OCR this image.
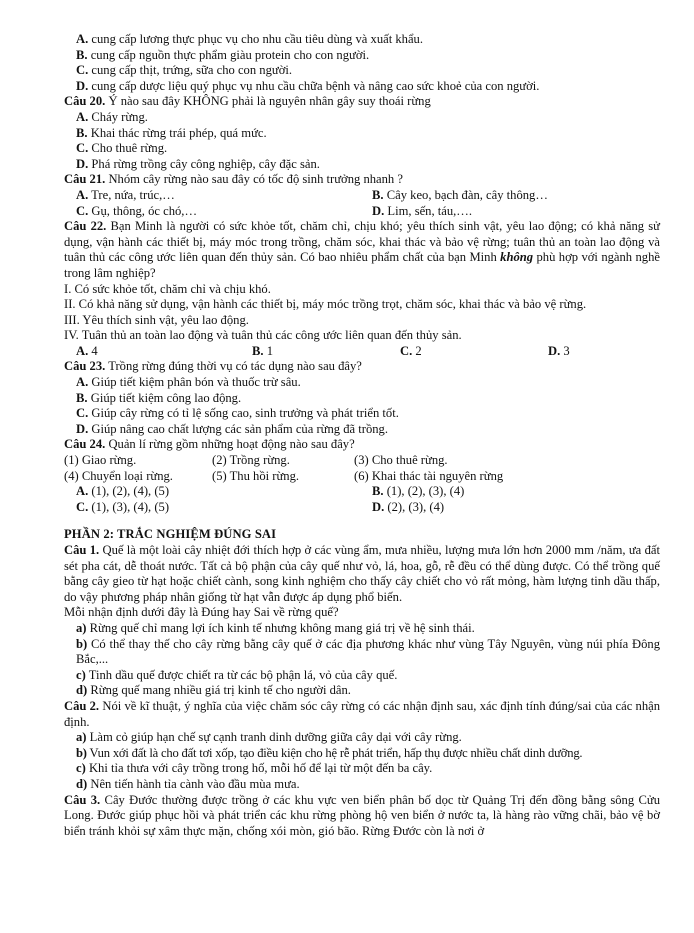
A. cung cấp lương thực phục vụ cho nhu cầu tiêu dùng và xuất khẩu.
B. cung cấp nguồn thực phẩm giàu protein cho con người.
C. cung cấp thịt, trứng, sữa cho con người.
D. cung cấp dược liệu quý phục vụ nhu cầu chữa bệnh và nâng cao sức khoẻ của con người.
Câu 20. Ý nào sau đây KHÔNG phải là nguyên nhân gây suy thoái rừng
A. Cháy rừng.
B. Khai thác rừng trái phép, quá mức.
C. Cho thuê rừng.
D. Phá rừng trồng cây công nghiệp, cây đặc sản.
Câu 21. Nhóm cây rừng nào sau đây có tốc độ sinh trưởng nhanh ?
A. Tre, nứa, trúc,…	B. Cây keo, bạch đàn, cây thông…
C. Gụ, thông, óc chó,…	D. Lim, sến, táu,….
Câu 22. Bạn Minh là người có sức khỏe tốt, chăm chỉ, chịu khó; yêu thích sinh vật, yêu lao động; có khả năng sử dụng, vận hành các thiết bị, máy móc trong trồng, chăm sóc, khai thác và bảo vệ rừng; tuân thủ an toàn lao động và tuân thủ các công ước liên quan đến thủy sản. Có bao nhiêu phẩm chất của bạn Minh không phù hợp với ngành nghề trong lâm nghiệp?
I. Có sức khỏe tốt, chăm chỉ và chịu khó.
II. Có khả năng sử dụng, vận hành các thiết bị, máy móc trồng trọt, chăm sóc, khai thác và bảo vệ rừng.
III. Yêu thích sinh vật, yêu lao động.
IV. Tuân thủ an toàn lao động và tuân thủ các công ước liên quan đến thủy sản.
A. 4	B. 1	C. 2	D. 3
Câu 23. Trồng rừng đúng thời vụ có tác dụng nào sau đây?
A. Giúp tiết kiệm phân bón và thuốc trừ sâu.
B. Giúp tiết kiệm công lao động.
C. Giúp cây rừng có tỉ lệ sống cao, sinh trưởng và phát triển tốt.
D. Giúp nâng cao chất lượng các sản phẩm của rừng đã trồng.
Câu 24. Quản lí rừng gồm những hoạt động nào sau đây?
(1) Giao rừng.	(2) Trồng rừng.	(3) Cho thuê rừng.
(4) Chuyển loại rừng.	(5) Thu hồi rừng.	(6) Khai thác tài nguyên rừng
A. (1), (2), (4), (5)	B. (1), (2), (3), (4)
C. (1), (3), (4), (5)	D. (2), (3), (4)
PHẦN 2: TRẮC NGHIỆM ĐÚNG SAI
Câu 1. Quế là một loài cây nhiệt đới thích hợp ở các vùng ẩm, mưa nhiều, lượng mưa lớn hơn 2000 mm /năm, ưa đất sét pha cát, dễ thoát nước. Tất cả bộ phận của cây quế như vỏ, lá, hoa, gỗ, rễ đều có thể dùng được. Có thể trồng quế bằng cây gieo từ hạt hoặc chiết cành, song kinh nghiệm cho thấy cây chiết cho vỏ rất mỏng, hàm lượng tinh dầu thấp, do vậy phương pháp nhân giống từ hạt vẫn được áp dụng phổ biến.
Mỗi nhận định dưới đây là Đúng hay Sai về rừng quế?
a) Rừng quế chỉ mang lợi ích kinh tế nhưng không mang giá trị về hệ sinh thái.
b) Có thể thay thế cho cây rừng bằng cây quế ở các địa phương khác như vùng Tây Nguyên, vùng núi phía Đông Bắc,...
c) Tinh dầu quế được chiết ra từ các bộ phận lá, vỏ của cây quế.
d) Rừng quế mang nhiều giá trị kinh tế cho người dân.
Câu 2. Nói về kĩ thuật, ý nghĩa của việc chăm sóc cây rừng có các nhận định sau, xác định tính đúng/sai của các nhận định.
a) Làm cỏ giúp hạn chế sự cạnh tranh dinh dưỡng giữa cây dại với cây rừng.
b) Vun xới đất là cho đất tơi xốp, tạo điều kiện cho hệ rễ phát triển, hấp thụ được nhiều chất dinh dưỡng.
c) Khi tỉa thưa với cây trồng trong hố, mỗi hố để lại từ một đến ba cây.
d) Nên tiến hành tỉa cành vào đầu mùa mưa.
Câu 3. Cây Đước thường được trồng ở các khu vực ven biển phân bố dọc từ Quảng Trị đến đồng bằng sông Cửu Long. Đước giúp phục hồi và phát triển các khu rừng phòng hộ ven biển ở nước ta, là hàng rào vững chãi, bảo vệ bờ biển tránh khỏi sự xâm thực mặn, chống xói mòn, gió bão. Rừng Đước còn là nơi ở
